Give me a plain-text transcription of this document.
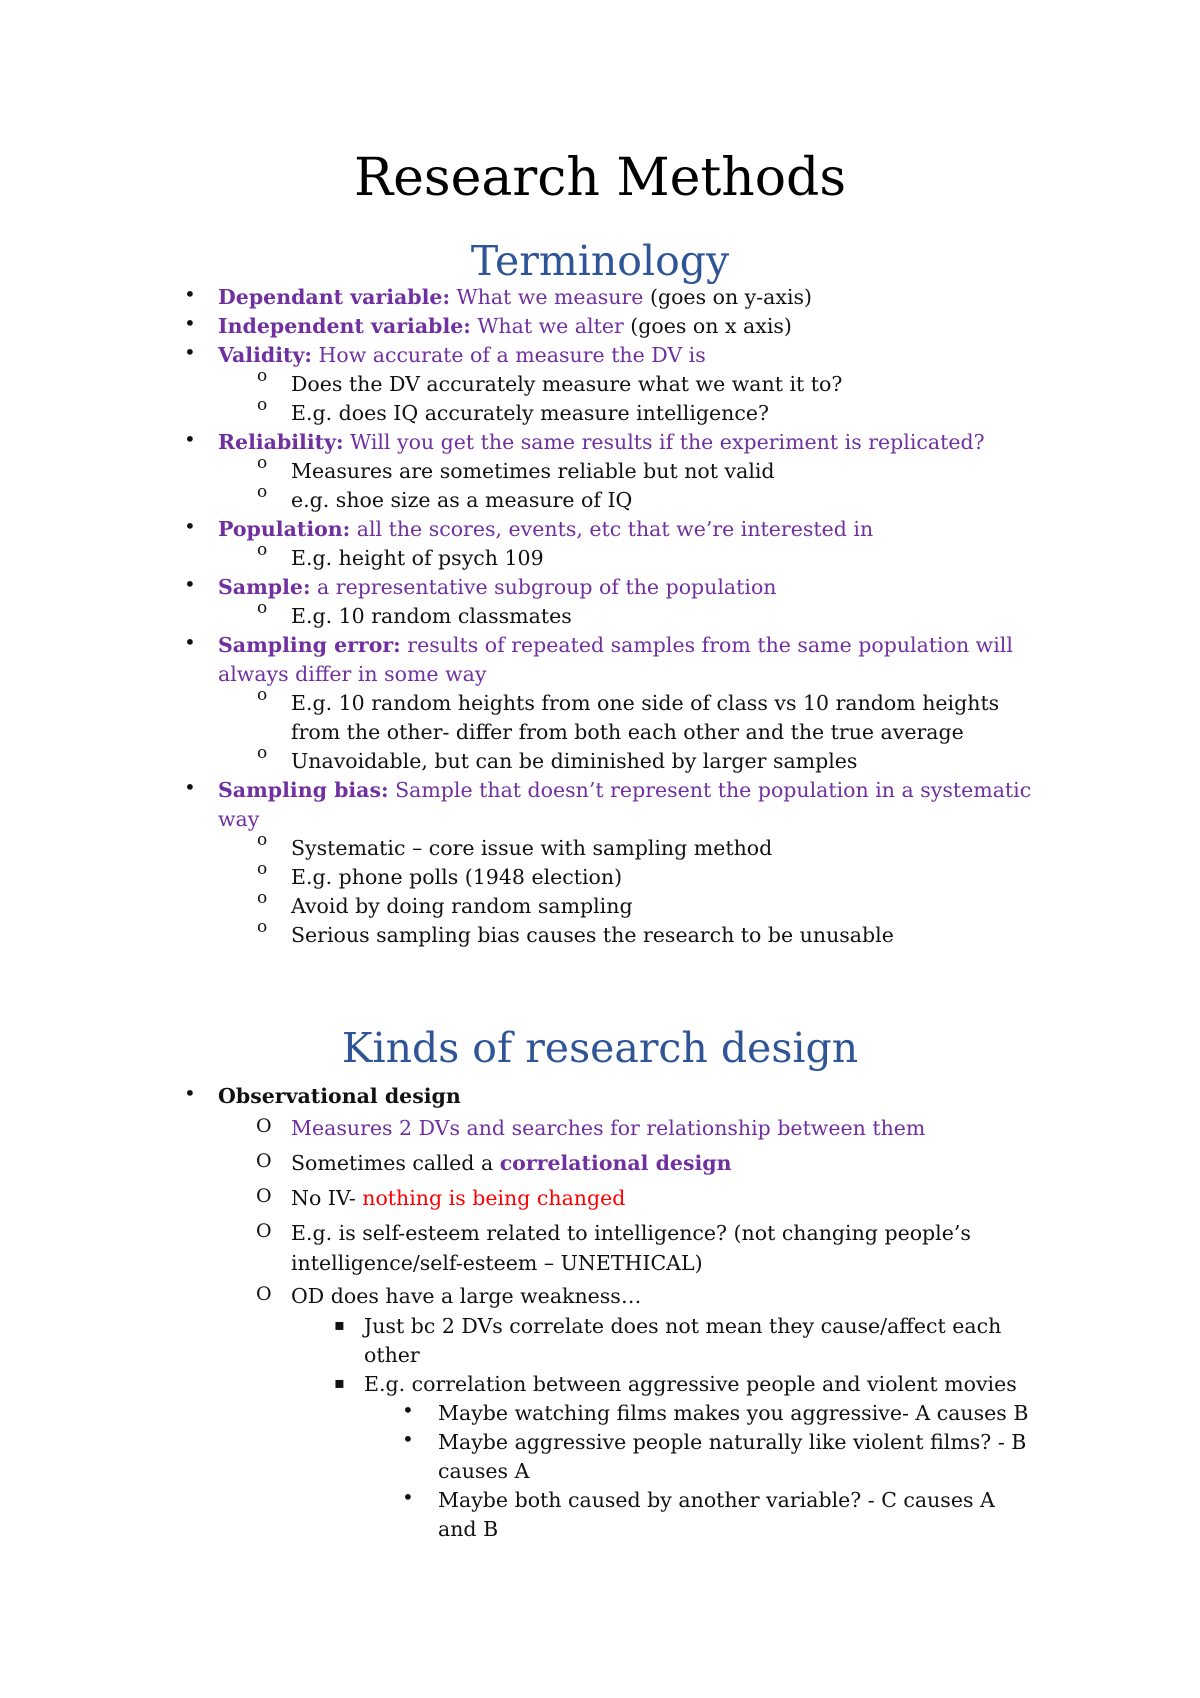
Research Methods
Terminology
• Dependant variable: What we measure (goes on y-axis)
• Independent variable: What we alter (goes on x axis)
• Validity: How accurate of a measure the DV is
o Does the DV accurately measure what we want it to?
o E.g. does IQ accurately measure intelligence?
• Reliability: Will you get the same results if the experiment is replicated?
o Measures are sometimes reliable but not valid
o e.g. shoe size as a measure of IQ
• Population: all the scores, events, etc that we’re interested in
o E.g. height of psych 109
• Sample: a representative subgroup of the population
o E.g. 10 random classmates
• Sampling error: results of repeated samples from the same population will
always differ in some way
o E.g. 10 random heights from one side of class vs 10 random heights
from the other- differ from both each other and the true average
o Unavoidable, but can be diminished by larger samples
• Sampling bias: Sample that doesn’t represent the population in a systematic
way
o Systematic – core issue with sampling method
o E.g. phone polls (1948 election)
o Avoid by doing random sampling
o Serious sampling bias causes the research to be unusable
Kinds of research design
• Observational design
O Measures 2 DVs and searches for relationship between them
O Sometimes called a correlational design
O No IV- nothing is being changed
O E.g. is self-esteem related to intelligence? (not changing people’s
intelligence/self-esteem – UNETHICAL)
O OD does have a large weakness…
▪ Just bc 2 DVs correlate does not mean they cause/affect each
other
▪ E.g. correlation between aggressive people and violent movies
• Maybe watching films makes you aggressive- A causes B
• Maybe aggressive people naturally like violent films? - B
causes A
• Maybe both caused by another variable? - C causes A
and B
